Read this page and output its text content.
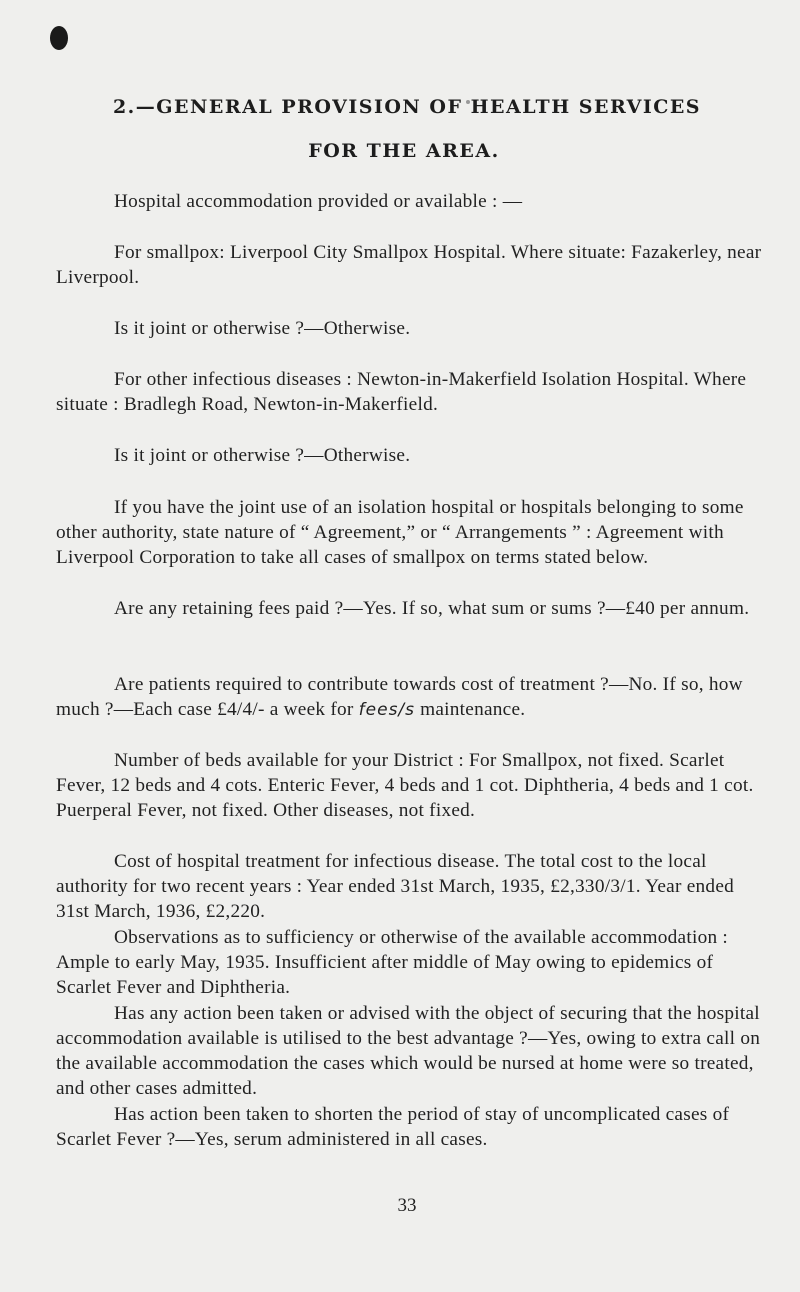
2.—GENERAL PROVISION OF HEALTH SERVICES
FOR THE AREA.

Hospital accommodation provided or available : —

For smallpox: Liverpool City Smallpox Hospital. Where situate: Fazakerley, near Liverpool.

Is it joint or otherwise ?—Otherwise.

For other infectious diseases : Newton-in-Makerfield Isolation Hospital. Where situate : Bradlegh Road, Newton-in-Makerfield.

Is it joint or otherwise ?—Otherwise.

If you have the joint use of an isolation hospital or hospitals belonging to some other authority, state nature of “ Agreement,” or “ Arrangements ” : Agreement with Liverpool Corporation to take all cases of smallpox on terms stated below.

Are any retaining fees paid ?—Yes. If so, what sum or sums ?—£40 per annum.

Are patients required to contribute towards cost of treatment ?—No. If so, how much ?—Each case £4/4/- a week for fees/s maintenance.

Number of beds available for your District : For Smallpox, not fixed. Scarlet Fever, 12 beds and 4 cots. Enteric Fever, 4 beds and 1 cot. Diphtheria, 4 beds and 1 cot. Puerperal Fever, not fixed. Other diseases, not fixed.

Cost of hospital treatment for infectious disease. The total cost to the local authority for two recent years : Year ended 31st March, 1935, £2,330/3/1. Year ended 31st March, 1936, £2,220.

Observations as to sufficiency or otherwise of the available accommodation : Ample to early May, 1935. Insufficient after middle of May owing to epidemics of Scarlet Fever and Diphtheria.

Has any action been taken or advised with the object of securing that the hospital accommodation available is utilised to the best advantage ?—Yes, owing to extra call on the available accommodation the cases which would be nursed at home were so treated, and other cases admitted.

Has action been taken to shorten the period of stay of uncomplicated cases of Scarlet Fever ?—Yes, serum administered in all cases.

33
